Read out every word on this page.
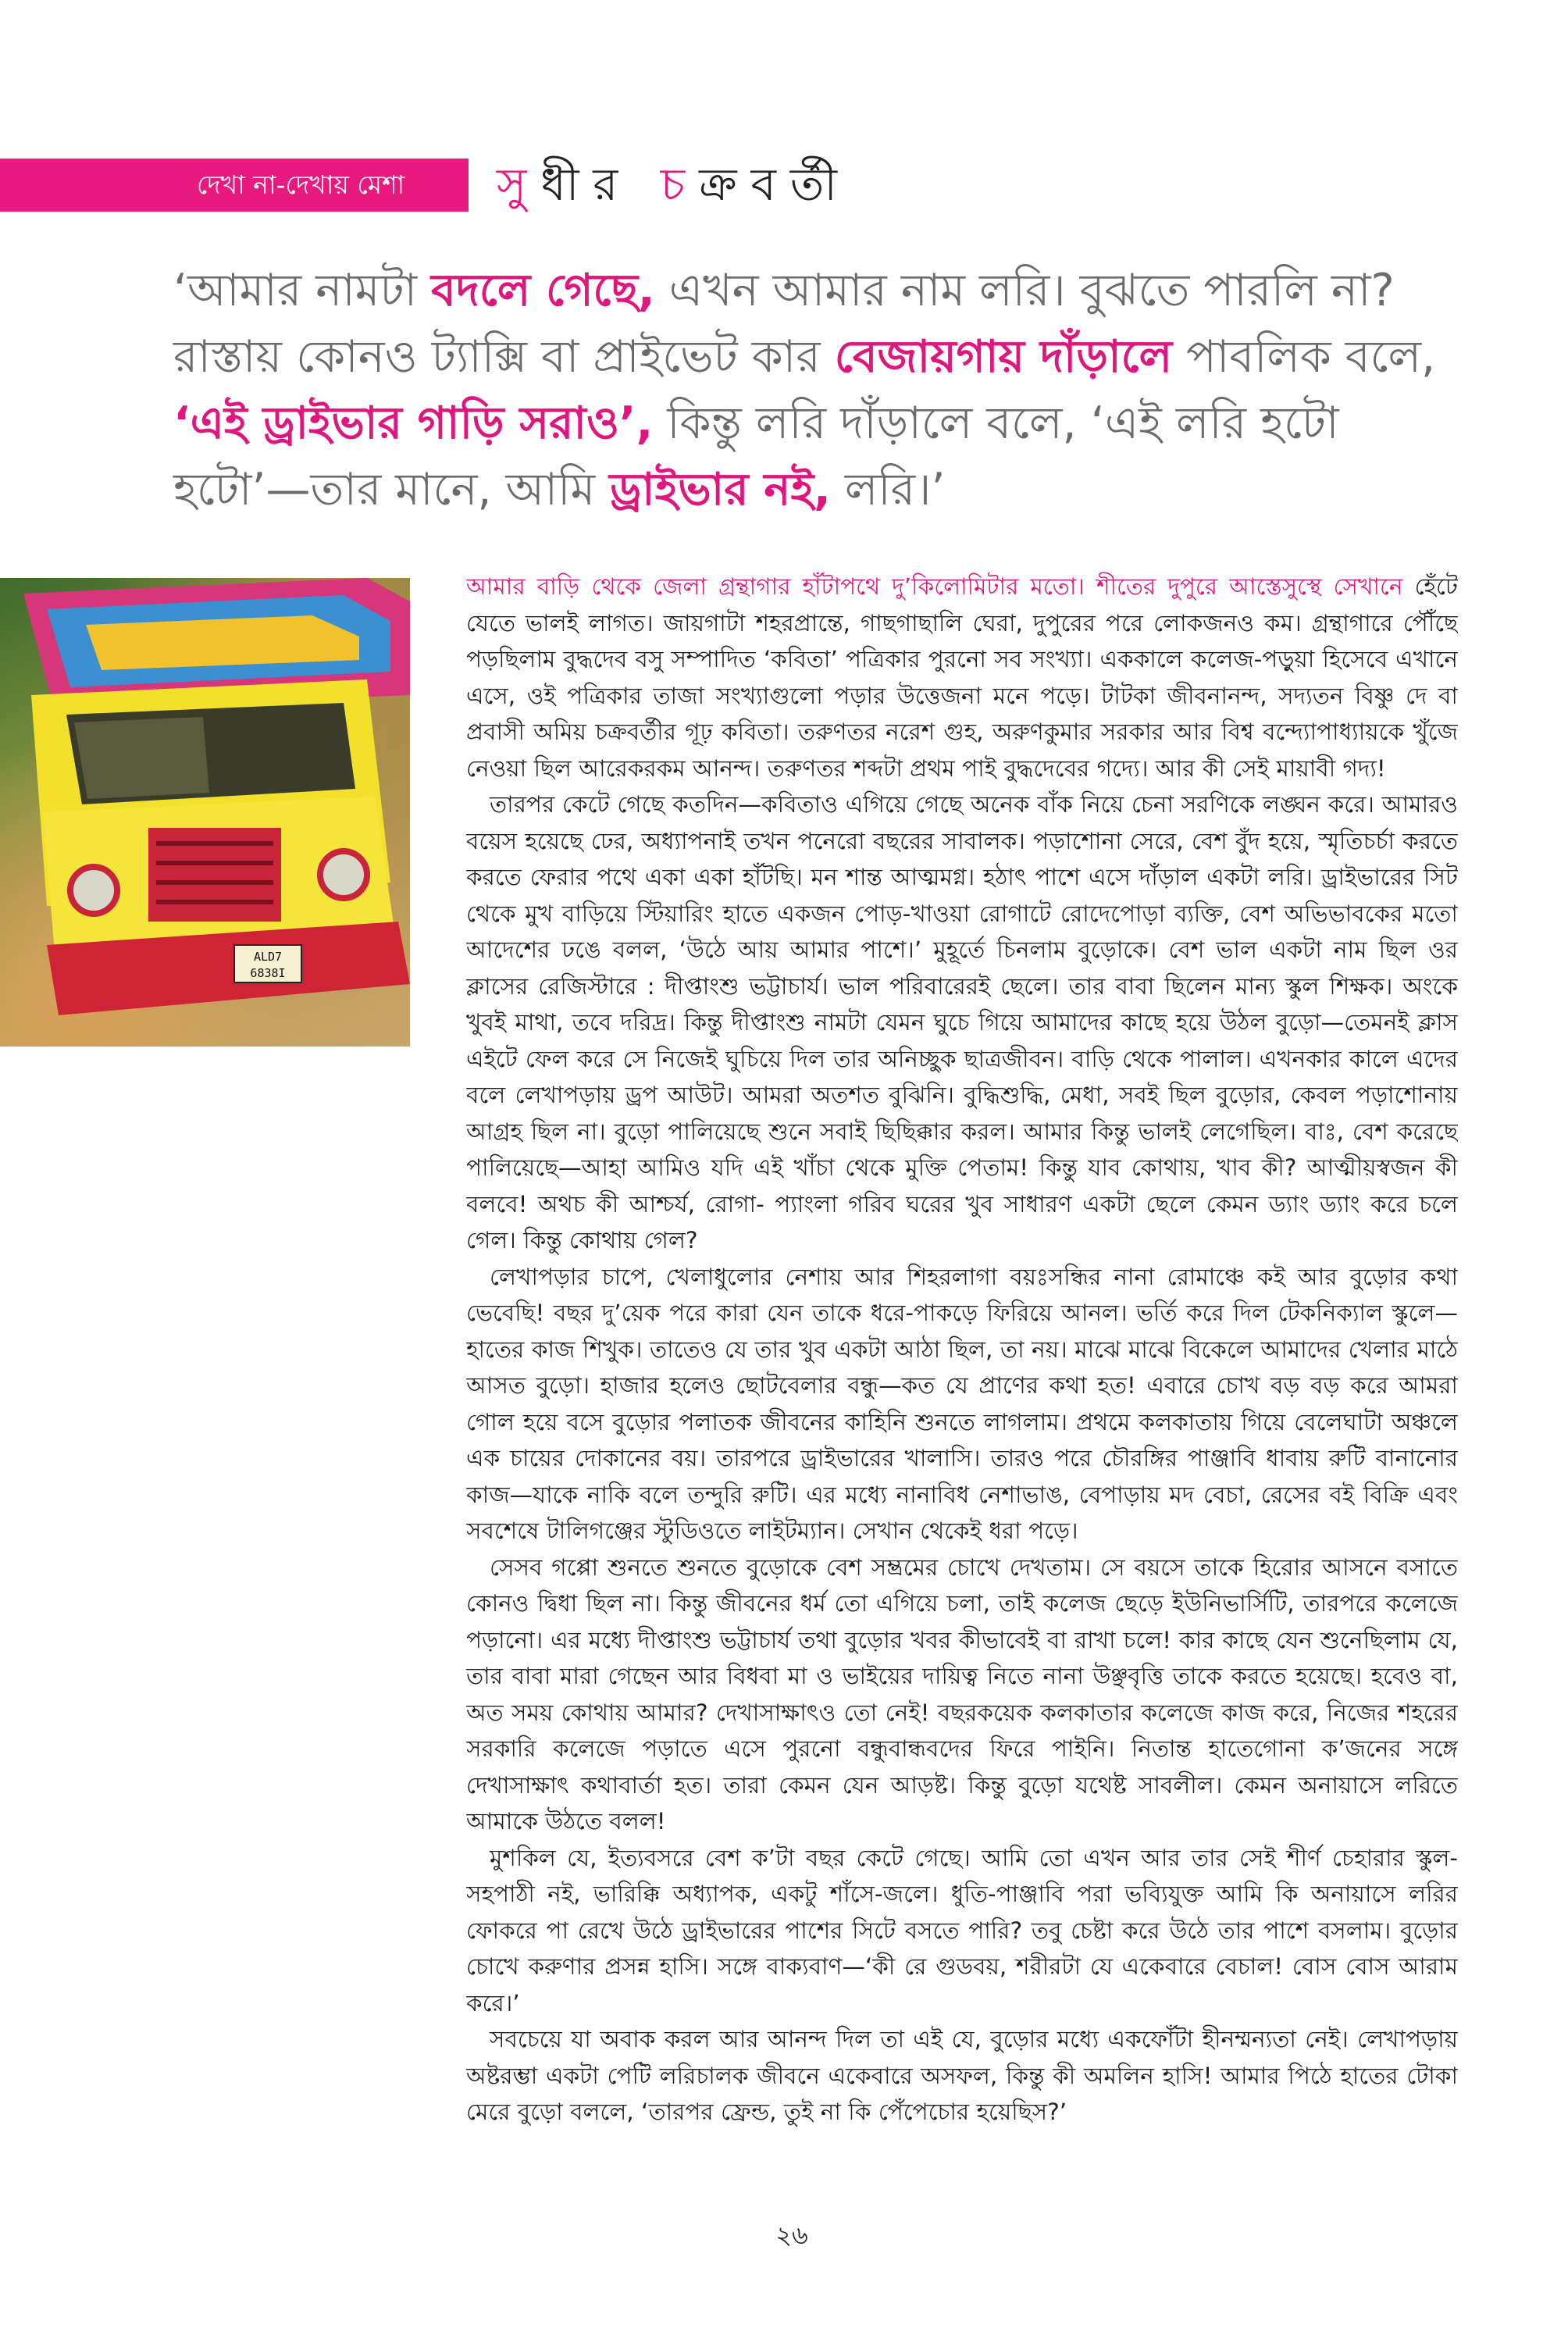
দেখা না-দেখায় মেশা	সুধীর চক্রবর্তী

‘আমার নামটা বদলে গেছে, এখন আমার নাম লরি। বুঝতে পারলি না? রাস্তায় কোনও ট্যাক্সি বা প্রাইভেট কার বেজায়গায় দাঁড়ালে পাবলিক বলে, ‘এই ড্রাইভার গাড়ি সরাও’, কিন্তু লরি দাঁড়ালে বলে, ‘এই লরি হটো হটো’—তার মানে, আমি ড্রাইভার নই, লরি।’

ALD7
6838I

আমার বাড়ি থেকে জেলা গ্রন্থাগার হাঁটাপথে দু’কিলোমিটার মতো। শীতের দুপুরে আস্তেসুস্থে সেখানে হেঁটে যেতে ভালই লাগত। জায়গাটা শহরপ্রান্তে, গাছগাছালি ঘেরা, দুপুরের পরে লোকজনও কম। গ্রন্থাগারে পৌঁছে পড়ছিলাম বুদ্ধদেব বসু সম্পাদিত ‘কবিতা’ পত্রিকার পুরনো সব সংখ্যা। এককালে কলেজ-পড়ুয়া হিসেবে এখানে এসে, ওই পত্রিকার তাজা সংখ্যাগুলো পড়ার উত্তেজনা মনে পড়ে। টাটকা জীবনানন্দ, সদ্যতন বিষ্ণু দে বা প্রবাসী অমিয় চক্রবর্তীর গূঢ় কবিতা। তরুণতর নরেশ গুহ, অরুণকুমার সরকার আর বিশ্ব বন্দ্যোপাধ্যায়কে খুঁজে নেওয়া ছিল আরেকরকম আনন্দ। তরুণতর শব্দটা প্রথম পাই বুদ্ধদেবের গদ্যে। আর কী সেই মায়াবী গদ্য!

তারপর কেটে গেছে কতদিন—কবিতাও এগিয়ে গেছে অনেক বাঁক নিয়ে চেনা সরণিকে লঙ্ঘন করে। আমারও বয়েস হয়েছে ঢের, অধ্যাপনাই তখন পনেরো বছরের সাবালক। পড়াশোনা সেরে, বেশ বুঁদ হয়ে, স্মৃতিচর্চা করতে করতে ফেরার পথে একা একা হাঁটছি। মন শান্ত আত্মমগ্ন। হঠাৎ পাশে এসে দাঁড়াল একটা লরি। ড্রাইভারের সিট থেকে মুখ বাড়িয়ে স্টিয়ারিং হাতে একজন পোড়-খাওয়া রোগাটে রোদেপোড়া ব্যক্তি, বেশ অভিভাবকের মতো আদেশের ঢঙে বলল, ‘উঠে আয় আমার পাশে।’ মুহূর্তে চিনলাম বুড়োকে। বেশ ভাল একটা নাম ছিল ওর ক্লাসের রেজিস্টারে : দীপ্তাংশু ভট্টাচার্য। ভাল পরিবারেরই ছেলে। তার বাবা ছিলেন মান্য স্কুল শিক্ষক। অংকে খুবই মাথা, তবে দরিদ্র। কিন্তু দীপ্তাংশু নামটা যেমন ঘুচে গিয়ে আমাদের কাছে হয়ে উঠল বুড়ো—তেমনই ক্লাস এইটে ফেল করে সে নিজেই ঘুচিয়ে দিল তার অনিচ্ছুক ছাত্রজীবন। বাড়ি থেকে পালাল। এখনকার কালে এদের বলে লেখাপড়ায় ড্রপ আউট। আমরা অতশত বুঝিনি। বুদ্ধিশুদ্ধি, মেধা, সবই ছিল বুড়োর, কেবল পড়াশোনায় আগ্রহ ছিল না। বুড়ো পালিয়েছে শুনে সবাই ছিছিক্কার করল। আমার কিন্তু ভালই লেগেছিল। বাঃ, বেশ করেছে পালিয়েছে—আহা আমিও যদি এই খাঁচা থেকে মুক্তি পেতাম! কিন্তু যাব কোথায়, খাব কী? আত্মীয়স্বজন কী বলবে! অথচ কী আশ্চর্য, রোগা- প্যাংলা গরিব ঘরের খুব সাধারণ একটা ছেলে কেমন ড্যাং ড্যাং করে চলে গেল। কিন্তু কোথায় গেল?

লেখাপড়ার চাপে, খেলাধুলোর নেশায় আর শিহরলাগা বয়ঃসন্ধির নানা রোমাঞ্চে কই আর বুড়োর কথা ভেবেছি! বছর দু’য়েক পরে কারা যেন তাকে ধরে-পাকড়ে ফিরিয়ে আনল। ভর্তি করে দিল টেকনিক্যাল স্কুলে—হাতের কাজ শিখুক। তাতেও যে তার খুব একটা আঠা ছিল, তা নয়। মাঝে মাঝে বিকেলে আমাদের খেলার মাঠে আসত বুড়ো। হাজার হলেও ছোটবেলার বন্ধু—কত যে প্রাণের কথা হত! এবারে চোখ বড় বড় করে আমরা গোল হয়ে বসে বুড়োর পলাতক জীবনের কাহিনি শুনতে লাগলাম। প্রথমে কলকাতায় গিয়ে বেলেঘাটা অঞ্চলে এক চায়ের দোকানের বয়। তারপরে ড্রাইভারের খালাসি। তারও পরে চৌরঙ্গির পাঞ্জাবি ধাবায় রুটি বানানোর কাজ—যাকে নাকি বলে তন্দুরি রুটি। এর মধ্যে নানাবিধ নেশাভাঙ, বেপাড়ায় মদ বেচা, রেসের বই বিক্রি এবং সবশেষে টালিগঞ্জের স্টুডিওতে লাইটম্যান। সেখান থেকেই ধরা পড়ে।

সেসব গপ্পো শুনতে শুনতে বুড়োকে বেশ সম্ভ্রমের চোখে দেখতাম। সে বয়সে তাকে হিরোর আসনে বসাতে কোনও দ্বিধা ছিল না। কিন্তু জীবনের ধর্ম তো এগিয়ে চলা, তাই কলেজ ছেড়ে ইউনিভার্সিটি, তারপরে কলেজে পড়ানো। এর মধ্যে দীপ্তাংশু ভট্টাচার্য তথা বুড়োর খবর কীভাবেই বা রাখা চলে! কার কাছে যেন শুনেছিলাম যে, তার বাবা মারা গেছেন আর বিধবা মা ও ভাইয়ের দায়িত্ব নিতে নানা উঞ্ছবৃত্তি তাকে করতে হয়েছে। হবেও বা, অত সময় কোথায় আমার? দেখাসাক্ষাৎও তো নেই! বছরকয়েক কলকাতার কলেজে কাজ করে, নিজের শহরের সরকারি কলেজে পড়াতে এসে পুরনো বন্ধুবান্ধবদের ফিরে পাইনি। নিতান্ত হাতেগোনা ক’জনের সঙ্গে দেখাসাক্ষাৎ কথাবার্তা হত। তারা কেমন যেন আড়ষ্ট। কিন্তু বুড়ো যথেষ্ট সাবলীল। কেমন অনায়াসে লরিতে আমাকে উঠতে বলল!

মুশকিল যে, ইত্যবসরে বেশ ক’টা বছর কেটে গেছে। আমি তো এখন আর তার সেই শীর্ণ চেহারার স্কুল-সহপাঠী নই, ভারিক্কি অধ্যাপক, একটু শাঁসে-জলে। ধুতি-পাঞ্জাবি পরা ভব্যিযুক্ত আমি কি অনায়াসে লরির ফোকরে পা রেখে উঠে ড্রাইভারের পাশের সিটে বসতে পারি? তবু চেষ্টা করে উঠে তার পাশে বসলাম। বুড়োর চোখে করুণার প্রসন্ন হাসি। সঙ্গে বাক্যবাণ—‘কী রে গুডবয়, শরীরটা যে একেবারে বেচাল! বোস বোস আরাম করে।’

সবচেয়ে যা অবাক করল আর আনন্দ দিল তা এই যে, বুড়োর মধ্যে একফোঁটা হীনম্মন্যতা নেই। লেখাপড়ায় অষ্টরম্ভা একটা পেটি লরিচালক জীবনে একেবারে অসফল, কিন্তু কী অমলিন হাসি! আমার পিঠে হাতের টোকা মেরে বুড়ো বললে, ‘তারপর ফ্রেন্ড, তুই না কি পেঁপেচোর হয়েছিস?’

২৬
